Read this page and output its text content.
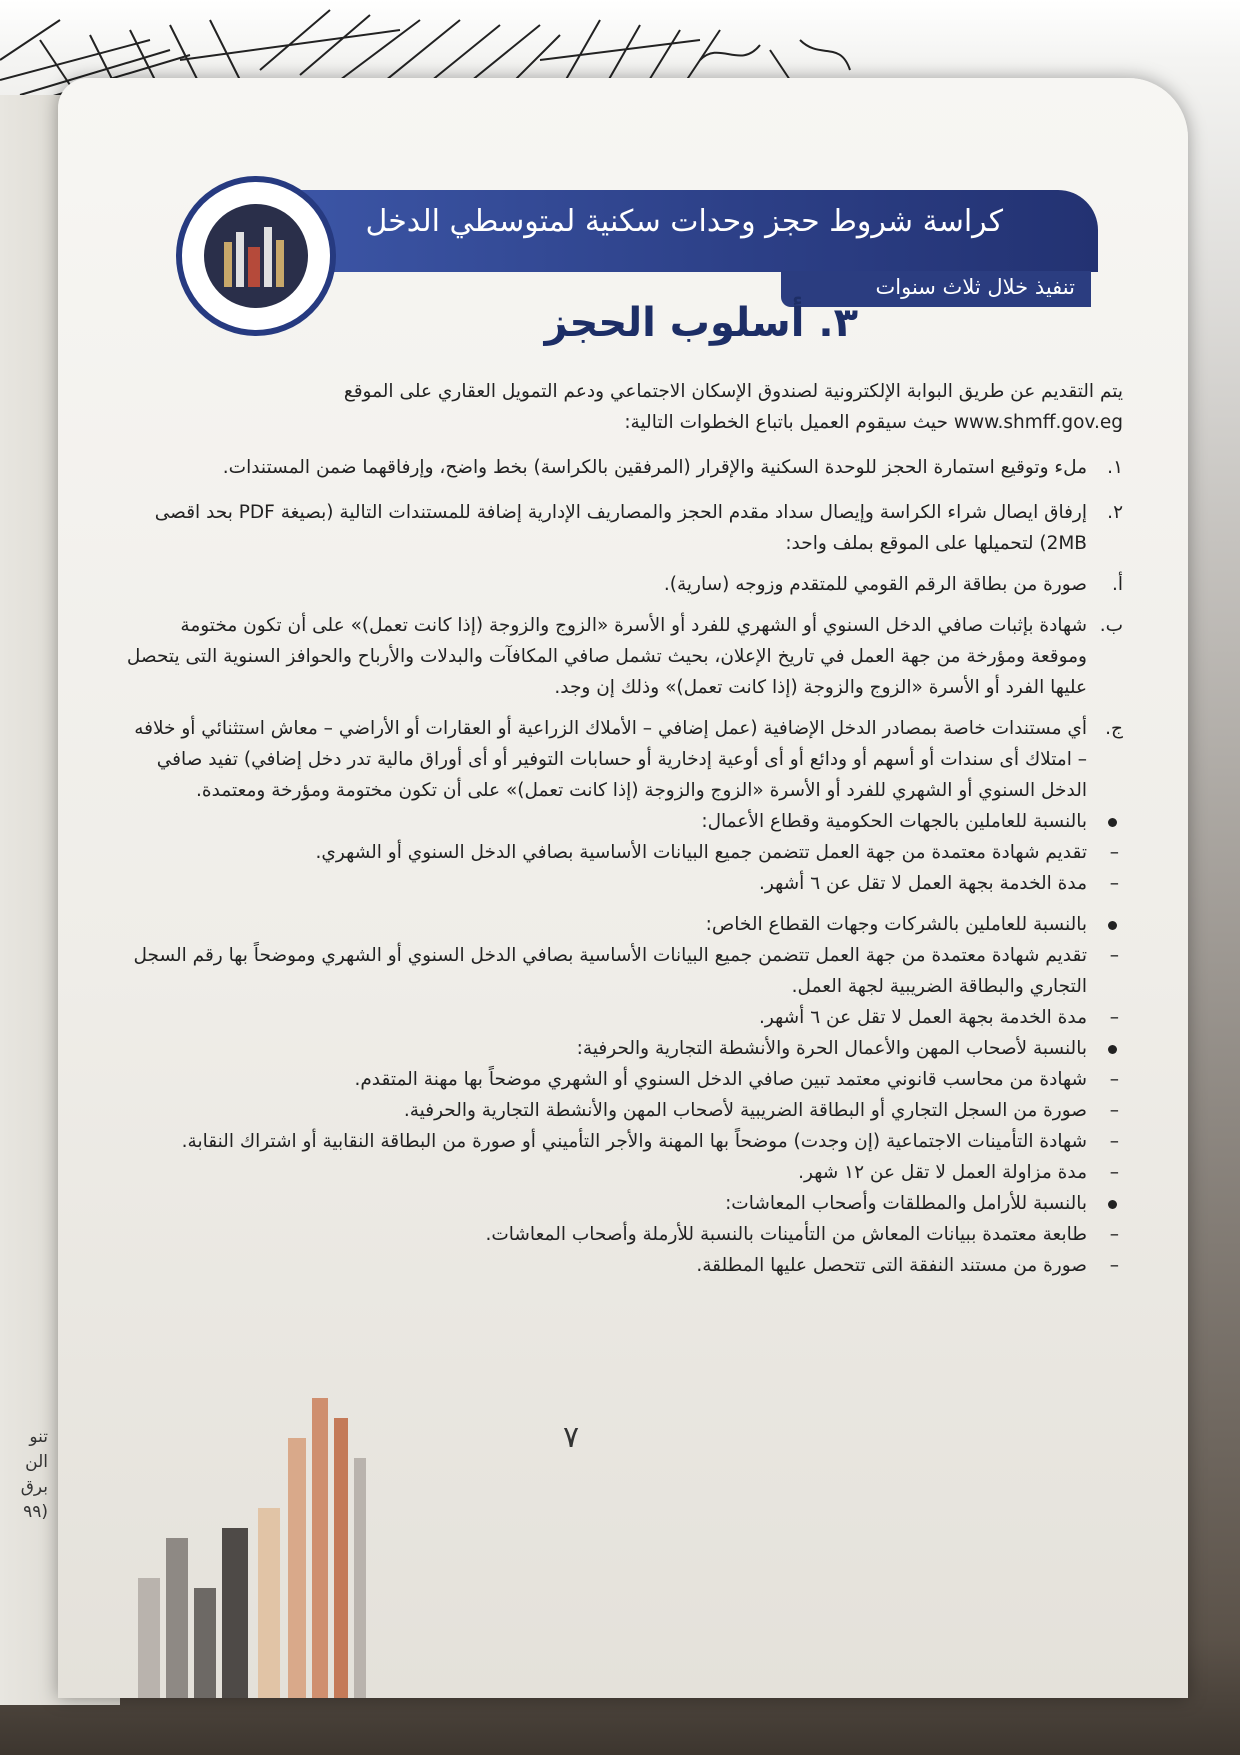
تنو
الن
برق
(٩٩
كراسة شروط حجز وحدات سكنية لمتوسطي الدخل
تنفيذ خلال ثلاث سنوات
٣. أسلوب الحجز

يتم التقديم عن طريق البوابة الإلكترونية لصندوق الإسكان الاجتماعي ودعم التمويل العقاري على الموقع
www.shmff.gov.eg حيث سيقوم العميل باتباع الخطوات التالية:

١.
ملء وتوقيع استمارة الحجز للوحدة السكنية والإقرار (المرفقين بالكراسة) بخط واضح، وإرفاقهما ضمن المستندات.
٢.
إرفاق ايصال شراء الكراسة وإيصال سداد مقدم الحجز والمصاريف الإدارية إضافة للمستندات التالية (بصيغة PDF بحد اقصى 2MB) لتحميلها على الموقع بملف واحد:
أ.
صورة من بطاقة الرقم القومي للمتقدم وزوجه (سارية).
ب.
شهادة بإثبات صافي الدخل السنوي أو الشهري للفرد أو الأسرة «الزوج والزوجة (إذا كانت تعمل)» على أن تكون مختومة وموقعة ومؤرخة من جهة العمل في تاريخ الإعلان، بحيث تشمل صافي المكافآت والبدلات والأرباح والحوافز السنوية التى يتحصل عليها الفرد أو الأسرة «الزوج والزوجة (إذا كانت تعمل)» وذلك إن وجد.
ج.
أي مستندات خاصة بمصادر الدخل الإضافية (عمل إضافي – الأملاك الزراعية أو العقارات أو الأراضي – معاش استثنائي أو خلافه – امتلاك أى سندات أو أسهم أو ودائع أو أى أوعية إدخارية أو حسابات التوفير أو أى أوراق مالية تدر دخل إضافي) تفيد صافي الدخل السنوي أو الشهري للفرد أو الأسرة «الزوج والزوجة (إذا كانت تعمل)» على أن تكون مختومة ومؤرخة ومعتمدة.
بالنسبة للعاملين بالجهات الحكومية وقطاع الأعمال:
–
تقديم شهادة معتمدة من جهة العمل تتضمن جميع البيانات الأساسية بصافي الدخل السنوي أو الشهري.
–
مدة الخدمة بجهة العمل لا تقل عن ٦ أشهر.
بالنسبة للعاملين بالشركات وجهات القطاع الخاص:
–
تقديم شهادة معتمدة من جهة العمل تتضمن جميع البيانات الأساسية بصافي الدخل السنوي أو الشهري وموضحاً بها رقم السجل التجاري والبطاقة الضريبية لجهة العمل.
–
مدة الخدمة بجهة العمل لا تقل عن ٦ أشهر.
بالنسبة لأصحاب المهن والأعمال الحرة والأنشطة التجارية والحرفية:
–
شهادة من محاسب قانوني معتمد تبين صافي الدخل السنوي أو الشهري موضحاً بها مهنة المتقدم.
–
صورة من السجل التجاري أو البطاقة الضريبية لأصحاب المهن والأنشطة التجارية والحرفية.
–
شهادة التأمينات الاجتماعية (إن وجدت) موضحاً بها المهنة والأجر التأميني أو صورة من البطاقة النقابية أو اشتراك النقابة.
–
مدة مزاولة العمل لا تقل عن ١٢ شهر.
بالنسبة للأرامل والمطلقات وأصحاب المعاشات:
–
طابعة معتمدة ببيانات المعاش من التأمينات بالنسبة للأرملة وأصحاب المعاشات.
–
صورة من مستند النفقة التى تتحصل عليها المطلقة.
٧
